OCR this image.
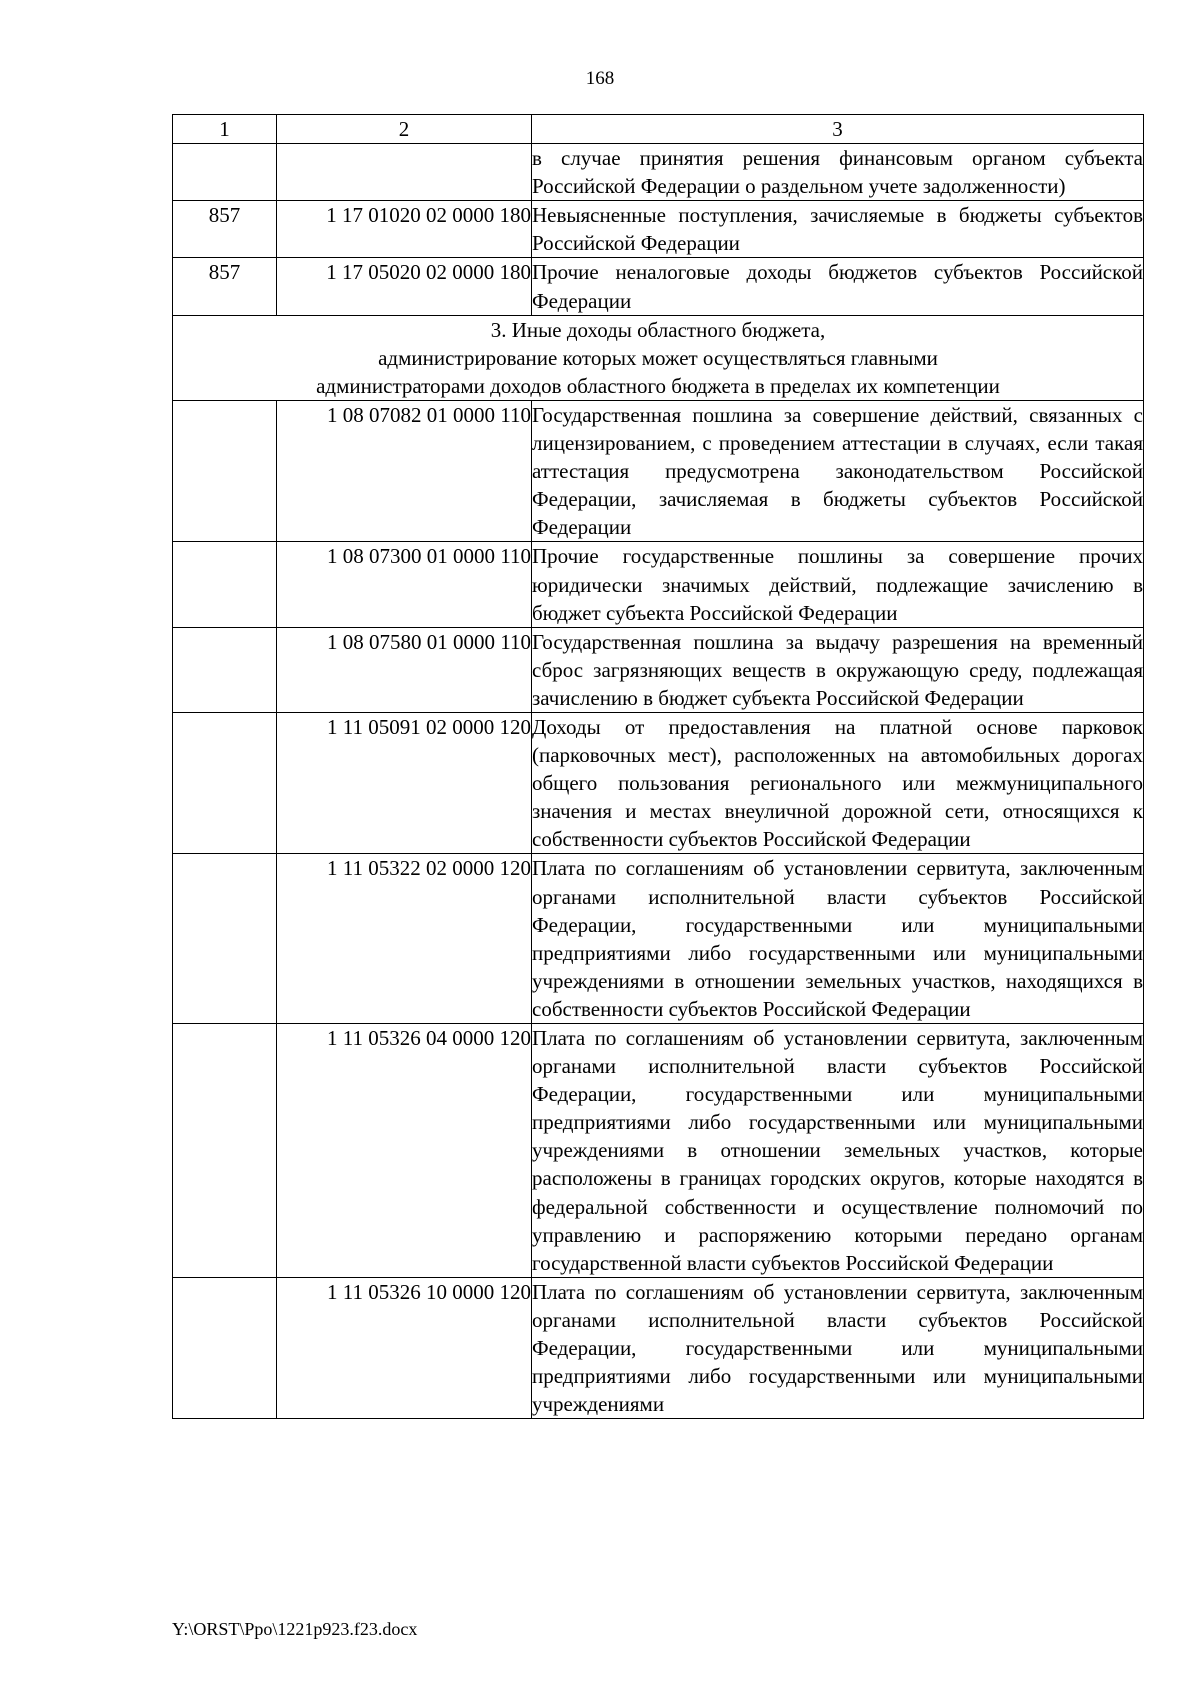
168
1	2	3
		в случае принятия решения финансовым органом субъекта Российской Федерации о раздельном учете задолженности)
857	1 17 01020 02 0000 180	Невыясненные поступления, зачисляемые в бюджеты субъектов Российской Федерации
857	1 17 05020 02 0000 180	Прочие неналоговые доходы бюджетов субъектов Российской Федерации

3. Иные доходы областного бюджета,
администрирование которых может осуществляться главными
администраторами доходов областного бюджета в пределах их компетенции		

	1 08 07082 01 0000 110	Государственная пошлина за совершение действий, связанных с лицензированием, с проведением аттестации в случаях, если такая аттестация предусмотрена законодательством Российской Федерации, зачисляемая в бюджеты субъектов Российской Федерации
	1 08 07300 01 0000 110	Прочие государственные пошлины за совершение прочих юридически значимых действий, подлежащие зачислению в бюджет субъекта Российской Федерации
	1 08 07580 01 0000 110	Государственная пошлина за выдачу разрешения на временный сброс загрязняющих веществ в окружающую среду, подлежащая зачислению в бюджет субъекта Российской Федерации
	1 11 05091 02 0000 120	Доходы от предоставления на платной основе парковок (парковочных мест), расположенных на автомобильных дорогах общего пользования регионального или межмуниципального значения и местах внеуличной дорожной сети, относящихся к собственности субъектов Российской Федерации
	1 11 05322 02 0000 120	Плата по соглашениям об установлении сервитута, заключенным органами исполнительной власти субъектов Российской Федерации, государственными или муниципальными предприятиями либо государственными или муниципальными учреждениями в отношении земельных участков, находящихся в собственности субъектов Российской Федерации
	1 11 05326 04 0000 120	Плата по соглашениям об установлении сервитута, заключенным органами исполнительной власти субъектов Российской Федерации, государственными или муниципальными предприятиями либо государственными или муниципальными учреждениями в отношении земельных участков, которые расположены в границах городских округов, которые находятся в федеральной собственности и осуществление полномочий по управлению и распоряжению которыми передано органам государственной власти субъектов Российской Федерации
	1 11 05326 10 0000 120	Плата по соглашениям об установлении сервитута, заключенным органами исполнительной власти субъектов Российской Федерации, государственными или муниципальными предприятиями либо государственными или муниципальными учреждениями
Y:\ORST\Ppo\1221p923.f23.docx
